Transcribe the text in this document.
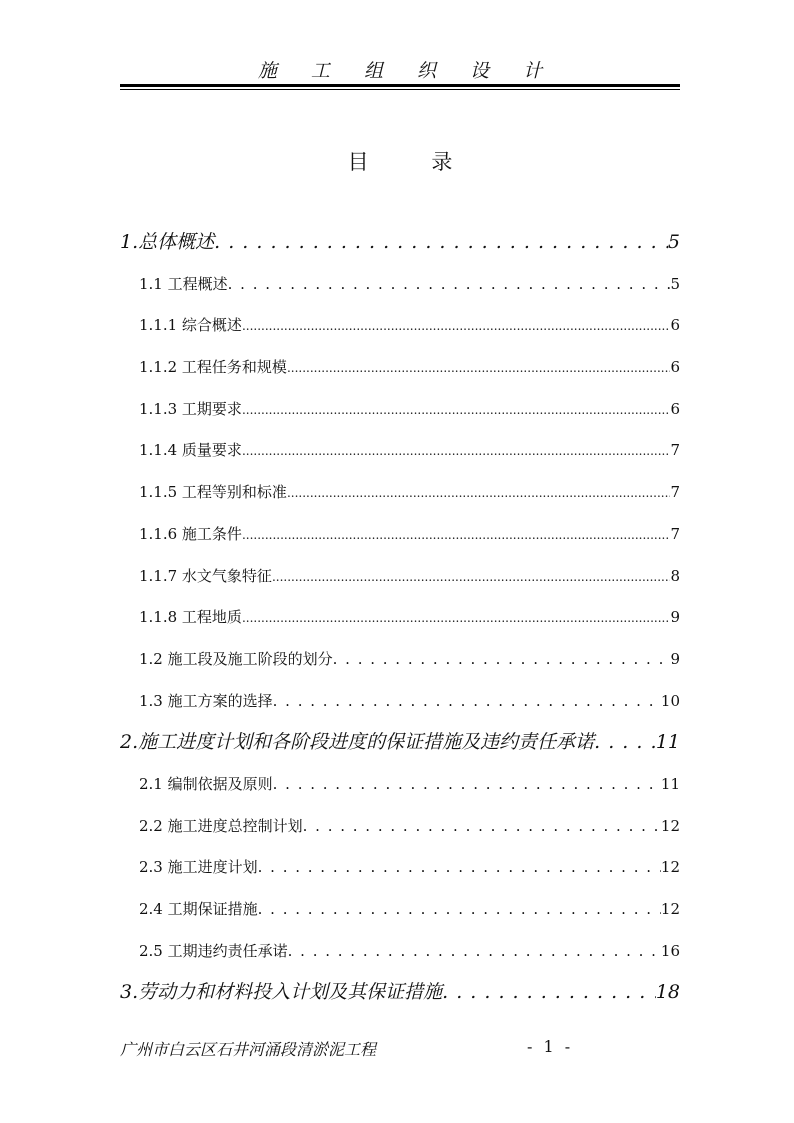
施 工 组 织 设 计
目 录
1.总体概述 . . .	5
1.1 工程概述 . . .	5
1.1.1 综合概述 .....	6
1.1.2 工程任务和规模 .....	6
1.1.3 工期要求 .....	6
1.1.4 质量要求 .....	7
1.1.5 工程等别和标准 .....	7
1.1.6 施工条件 .....	7
1.1.7 水文气象特征 .....	8
1.1.8 工程地质 .....	9
1.2 施工段及施工阶段的划分 . . .	9
1.3 施工方案的选择 . . .	10
2.施工进度计划和各阶段进度的保证措施及违约责任承诺 . . .	11
2.1 编制依据及原则 . . .	11
2.2 施工进度总控制计划 . . .	12
2.3 施工进度计划 . . .	12
2.4 工期保证措施 . . .	12
2.5 工期违约责任承诺 . . .	16
3.劳动力和材料投入计划及其保证措施 . . .	18
广州市白云区石井河涌段清淤泥工程	- 1 -
